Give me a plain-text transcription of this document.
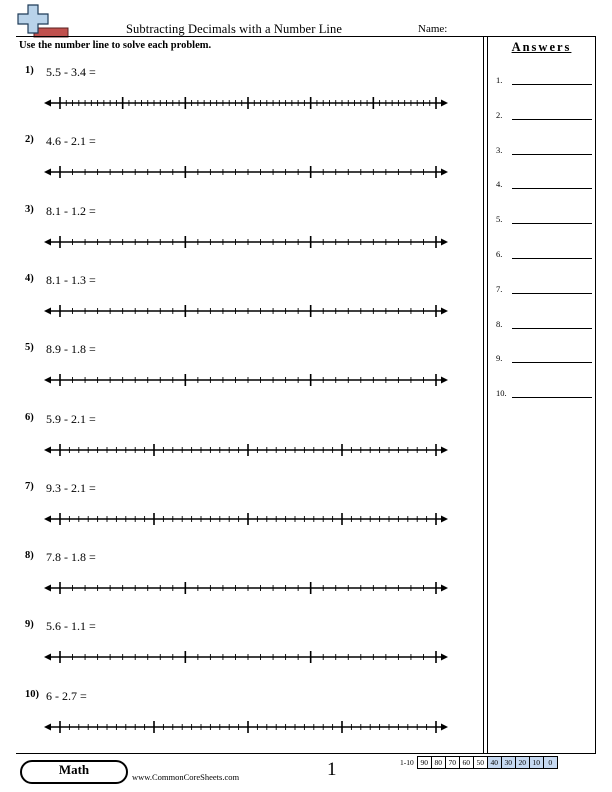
Subtracting Decimals with a Number Line	Name:
Use the number line to solve each problem.	Answers
1.
2.
3.
4.
5.
6.
7.
8.
9.
10.
1) 5.5 - 3.4 =
2) 4.6 - 2.1 =
3) 8.1 - 1.2 =
4) 8.1 - 1.3 =
5) 8.9 - 1.8 =
6) 5.9 - 2.1 =
7) 9.3 - 2.1 =
8) 7.8 - 1.8 =
9) 5.6 - 1.1 =
10) 6 - 2.7 =
Math	www.CommonCoreSheets.com	1	1-10	90	80	70	60	50	40	30	20	10	0
